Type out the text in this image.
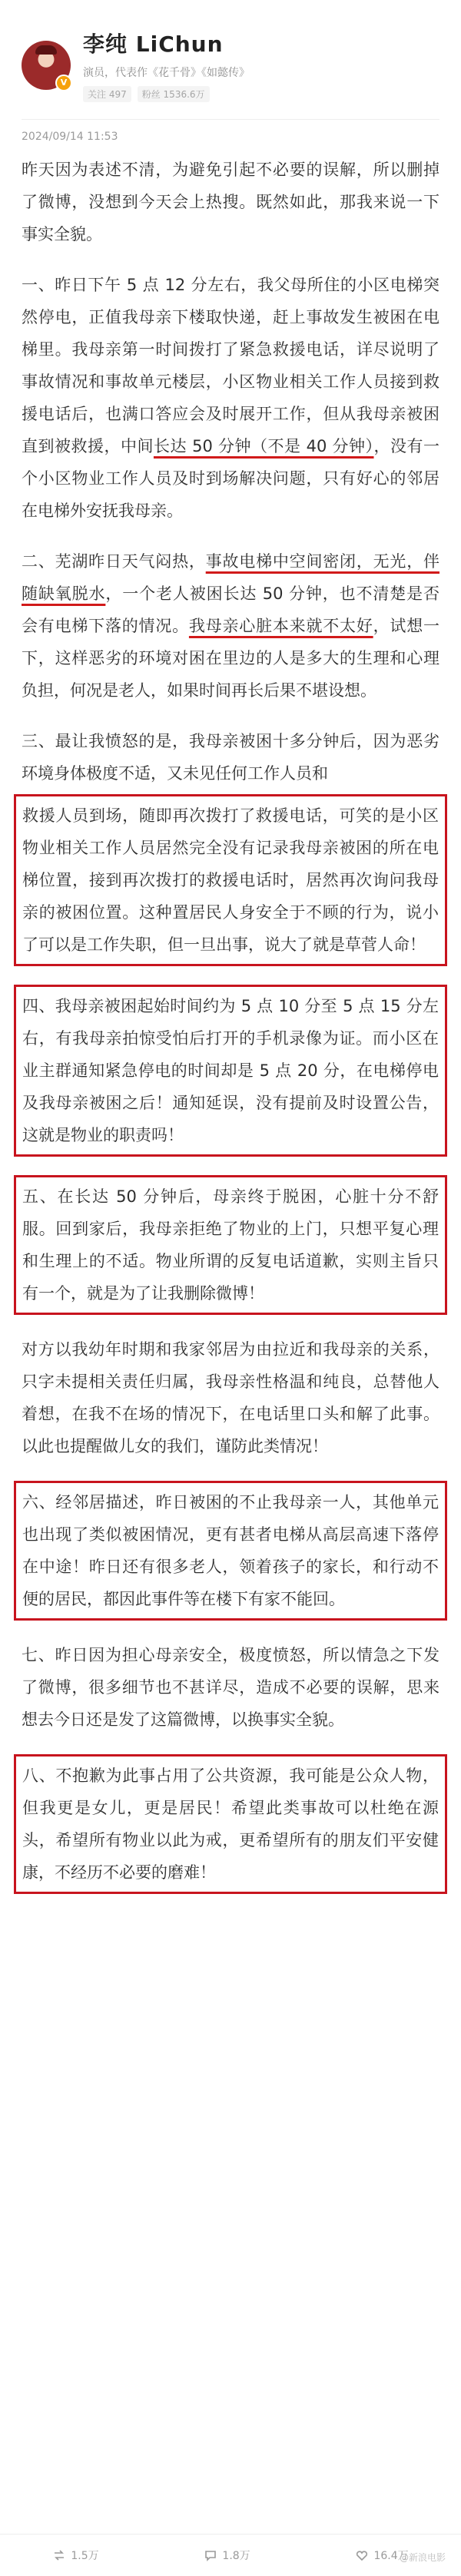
V
李纯 LiChun
演员，代表作《花千骨》《如懿传》
关注 497	粉丝 1536.6万
2024/09/14 11:53

昨天因为表述不清，为避免引起不必要的误解，所以删掉了微博，没想到今天会上热搜。既然如此，那我来说一下事实全貌。

一、昨日下午 5 点 12 分左右，我父母所住的小区电梯突然停电，正值我母亲下楼取快递，赶上事故发生被困在电梯里。我母亲第一时间拨打了紧急救援电话，详尽说明了事故情况和事故单元楼层，小区物业相关工作人员接到救援电话后，也满口答应会及时展开工作，但从我母亲被困直到被救援，中间长达 50 分钟（不是 40 分钟），没有一个小区物业工作人员及时到场解决问题，只有好心的邻居在电梯外安抚我母亲。

二、芜湖昨日天气闷热，事故电梯中空间密闭，无光，伴随缺氧脱水，一个老人被困长达 50 分钟，也不清楚是否会有电梯下落的情况。我母亲心脏本来就不太好，试想一下，这样恶劣的环境对困在里边的人是多大的生理和心理负担，何况是老人，如果时间再长后果不堪设想。

三、最让我愤怒的是，我母亲被困十多分钟后，因为恶劣环境身体极度不适，又未见任何工作人员和

救援人员到场，随即再次拨打了救援电话，可笑的是小区物业相关工作人员居然完全没有记录我母亲被困的所在电梯位置，接到再次拨打的救援电话时，居然再次询问我母亲的被困位置。这种置居民人身安全于不顾的行为，说小了可以是工作失职，但一旦出事，说大了就是草菅人命！

四、我母亲被困起始时间约为 5 点 10 分至 5 点 15 分左右，有我母亲拍惊受怕后打开的手机录像为证。而小区在业主群通知紧急停电的时间却是 5 点 20 分，在电梯停电及我母亲被困之后！通知延误，没有提前及时设置公告，这就是物业的职责吗！

五、在长达 50 分钟后，母亲终于脱困，心脏十分不舒服。回到家后，我母亲拒绝了物业的上门，只想平复心理和生理上的不适。物业所谓的反复电话道歉，实则主旨只有一个，就是为了让我删除微博！

对方以我幼年时期和我家邻居为由拉近和我母亲的关系，只字未提相关责任归属，我母亲性格温和纯良，总替他人着想，在我不在场的情况下，在电话里口头和解了此事。以此也提醒做儿女的我们，谨防此类情况！

六、经邻居描述，昨日被困的不止我母亲一人，其他单元也出现了类似被困情况，更有甚者电梯从高层高速下落停在中途！昨日还有很多老人，领着孩子的家长，和行动不便的居民，都因此事件等在楼下有家不能回。

七、昨日因为担心母亲安全，极度愤怒，所以情急之下发了微博，很多细节也不甚详尽，造成不必要的误解，思来想去今日还是发了这篇微博，以换事实全貌。

八、不抱歉为此事占用了公共资源，我可能是公众人物，但我更是女儿，更是居民！希望此类事故可以杜绝在源头，希望所有物业以此为戒，更希望所有的朋友们平安健康，不经历不必要的磨难！

1.5万	1.8万	16.4万
@新浪电影
